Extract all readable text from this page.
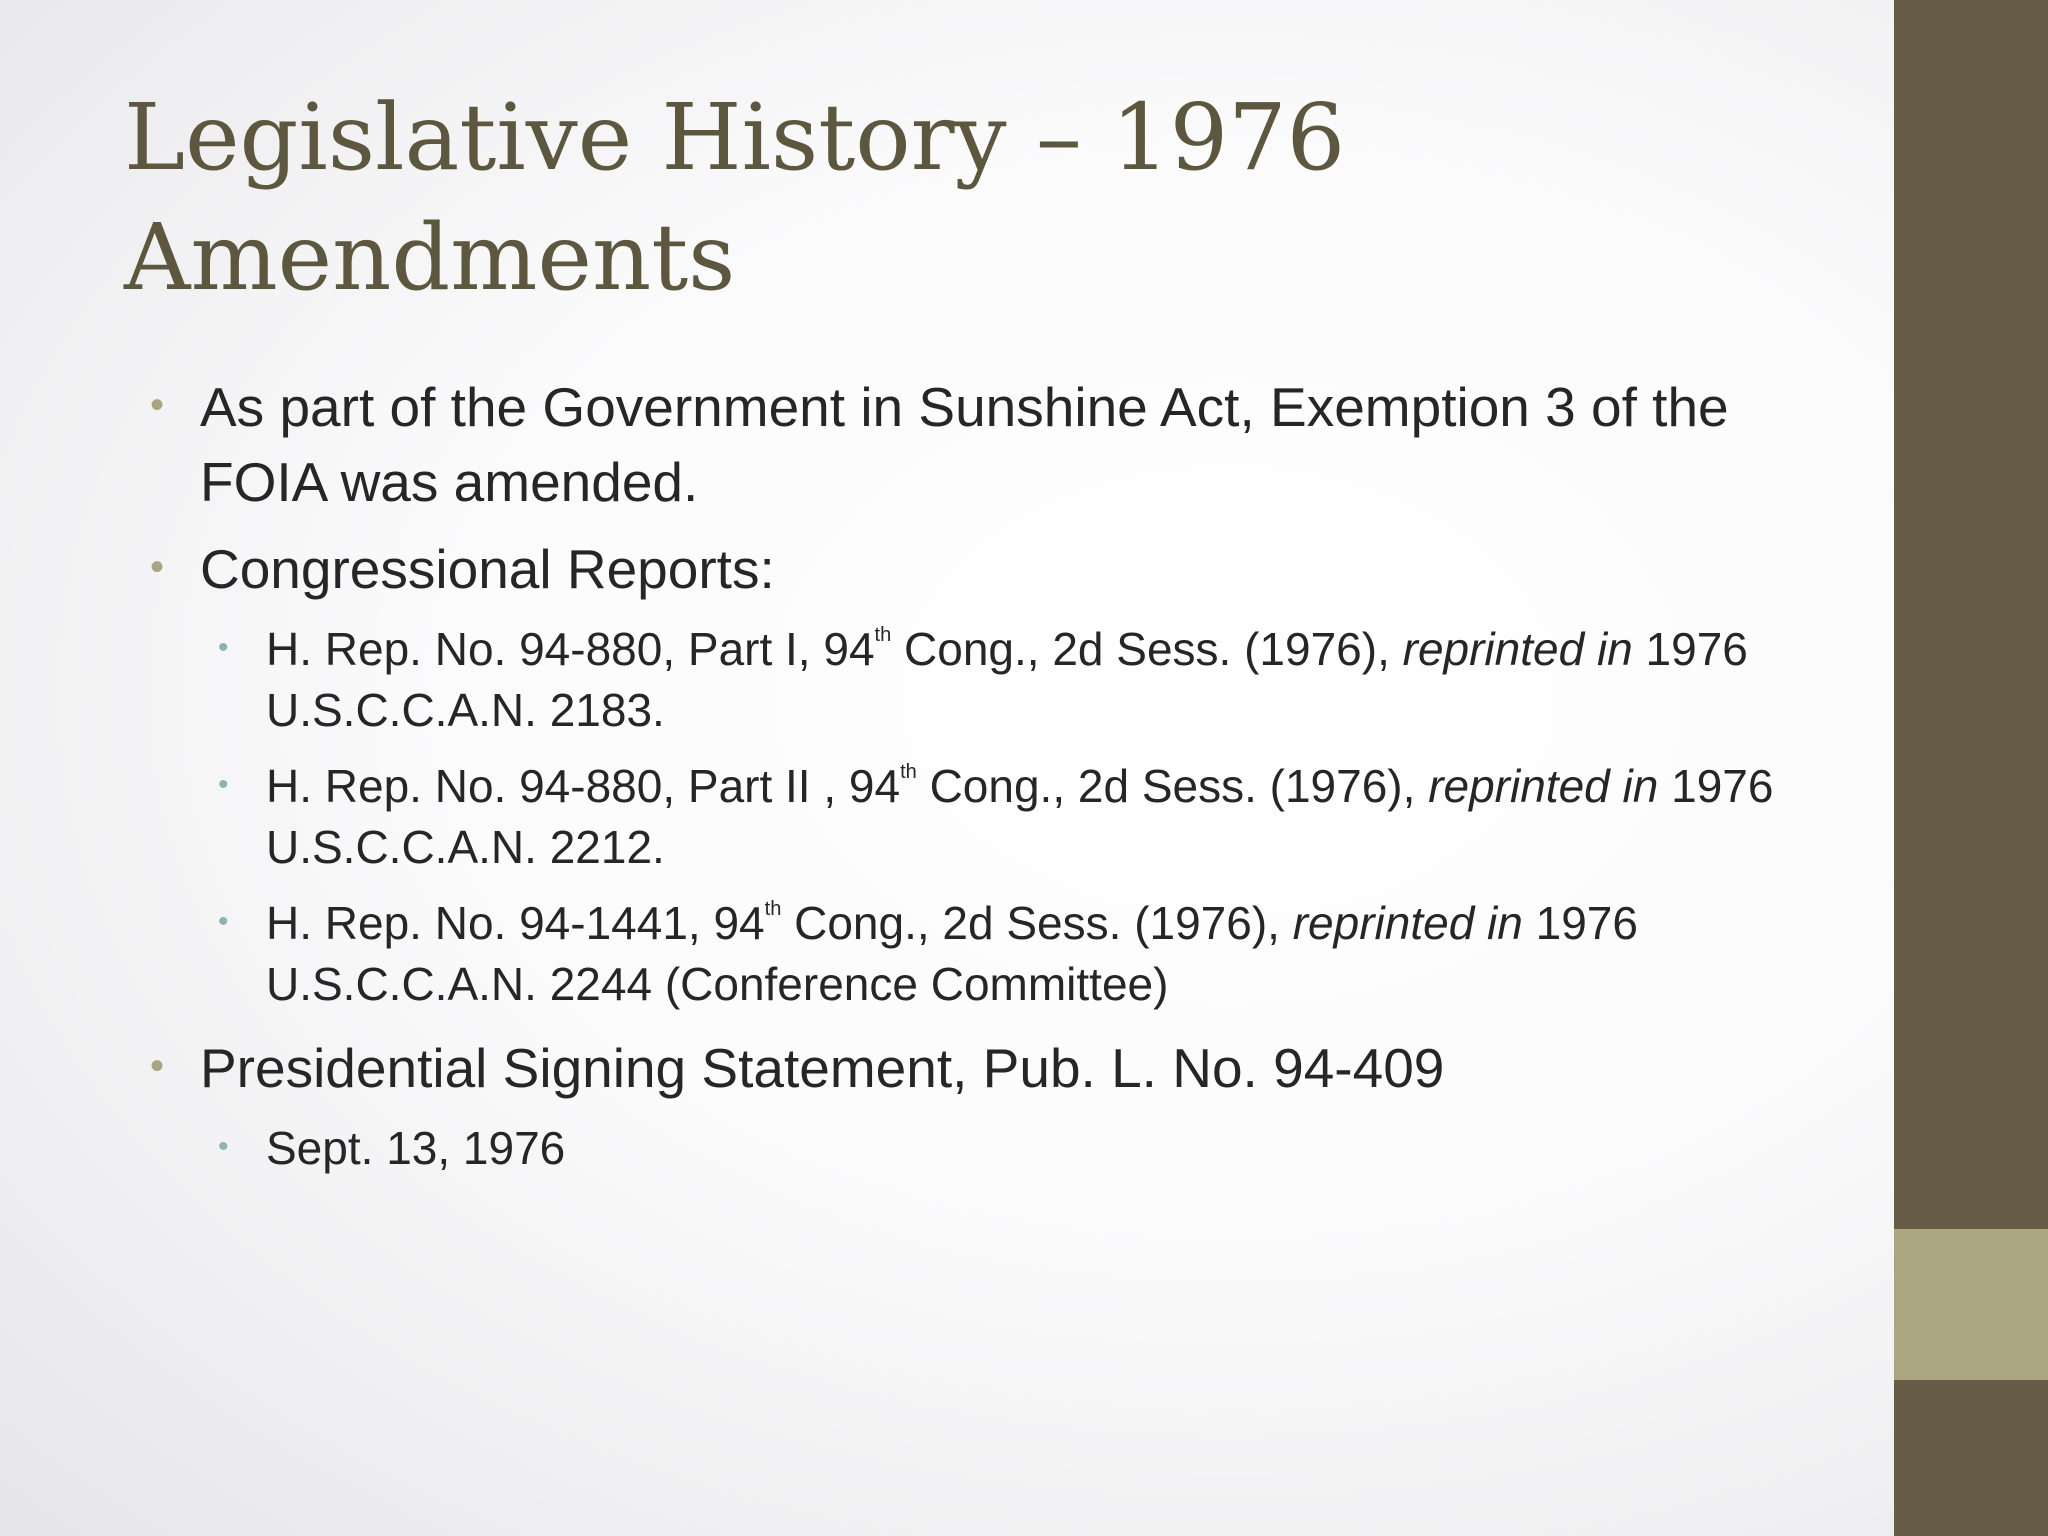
Legislative History – 1976
Amendments
• As part of the Government in Sunshine Act, Exemption 3 of the FOIA was amended.
• Congressional Reports:
• H. Rep. No. 94-880, Part I, 94th Cong., 2d Sess. (1976), reprinted in 1976 U.S.C.C.A.N. 2183.
• H. Rep. No. 94-880, Part II , 94th Cong., 2d Sess. (1976), reprinted in 1976 U.S.C.C.A.N. 2212.
• H. Rep. No. 94-1441, 94th Cong., 2d Sess. (1976), reprinted in 1976 U.S.C.C.A.N. 2244 (Conference Committee)
• Presidential Signing Statement, Pub. L. No. 94-409
• Sept. 13, 1976
